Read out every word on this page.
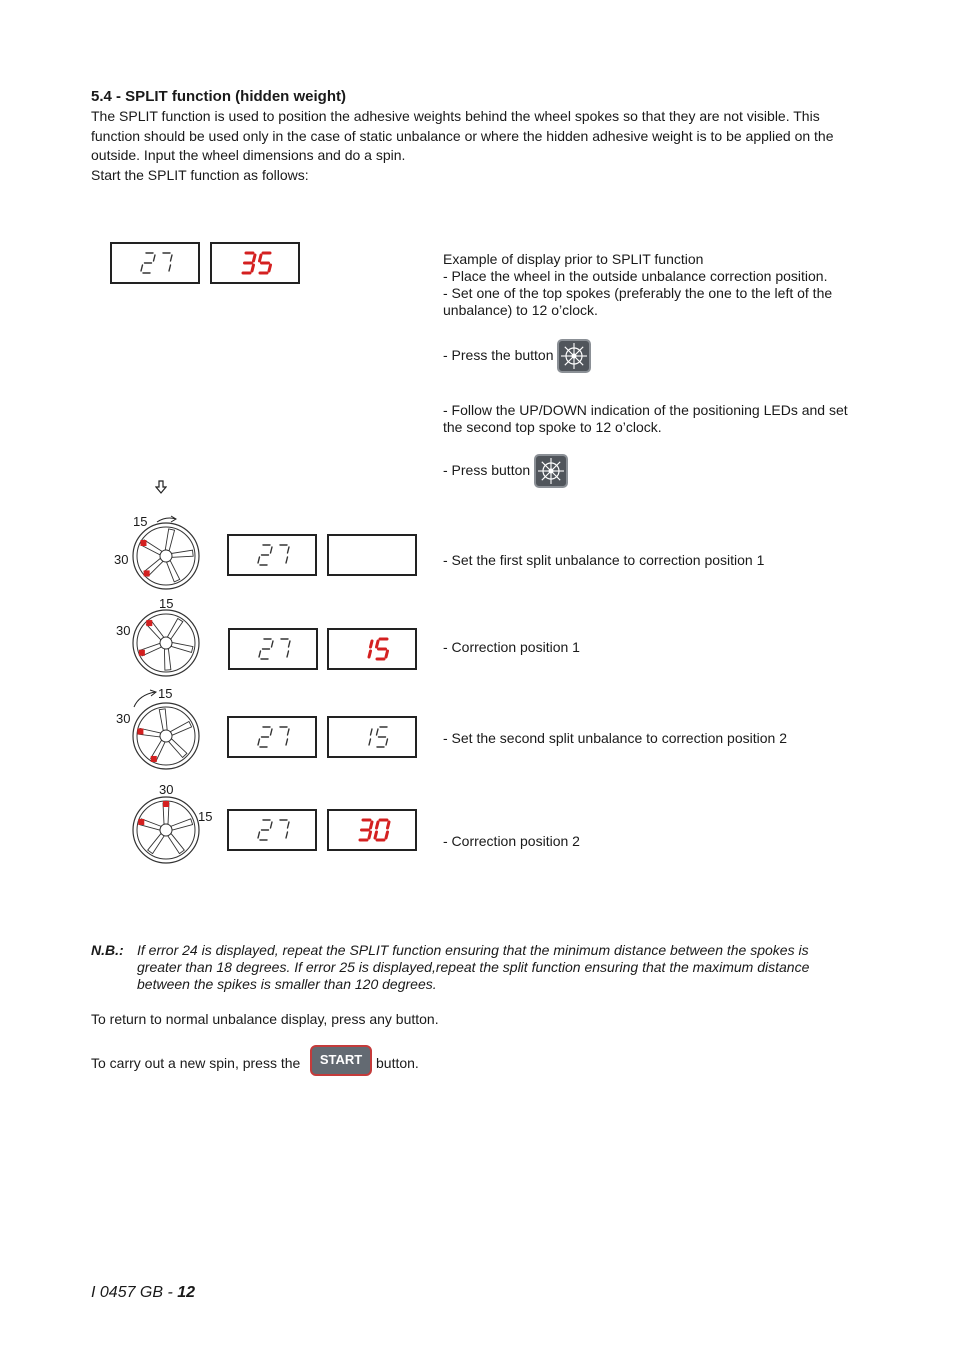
5.4 - SPLIT function (hidden weight)
The SPLIT function is used to position the adhesive weights behind the wheel spokes so that they are not visible. This
function should be used only in the case of static unbalance or where the hidden adhesive weight is to be applied on the
outside. Input the wheel dimensions and do a spin.
Start the SPLIT function as follows:
Example of display prior to SPLIT function
- Place the wheel in the outside unbalance correction position.
- Set one of the top spokes (preferably the one to the left of the unbalance) to 12 o’clock.
- Press the button
- Follow the UP/DOWN indication of the positioning LEDs and set the second top spoke to 12 o’clock.
- Press button
15
30
15
30
15
30
30
15
- Set the first split unbalance to correction position 1
- Correction position 1
- Set the second split unbalance to correction position 2
- Correction position 2
N.B.: If error 24 is displayed, repeat the SPLIT function ensuring that the minimum distance between the spokes is greater than 18 degrees. If error 25 is displayed,repeat the split function ensuring that the maximum distance between the spikes is smaller than 120 degrees.
To return to normal unbalance display, press any button.
To carry out a new spin, press the	START button.
I 0457 GB - 12
